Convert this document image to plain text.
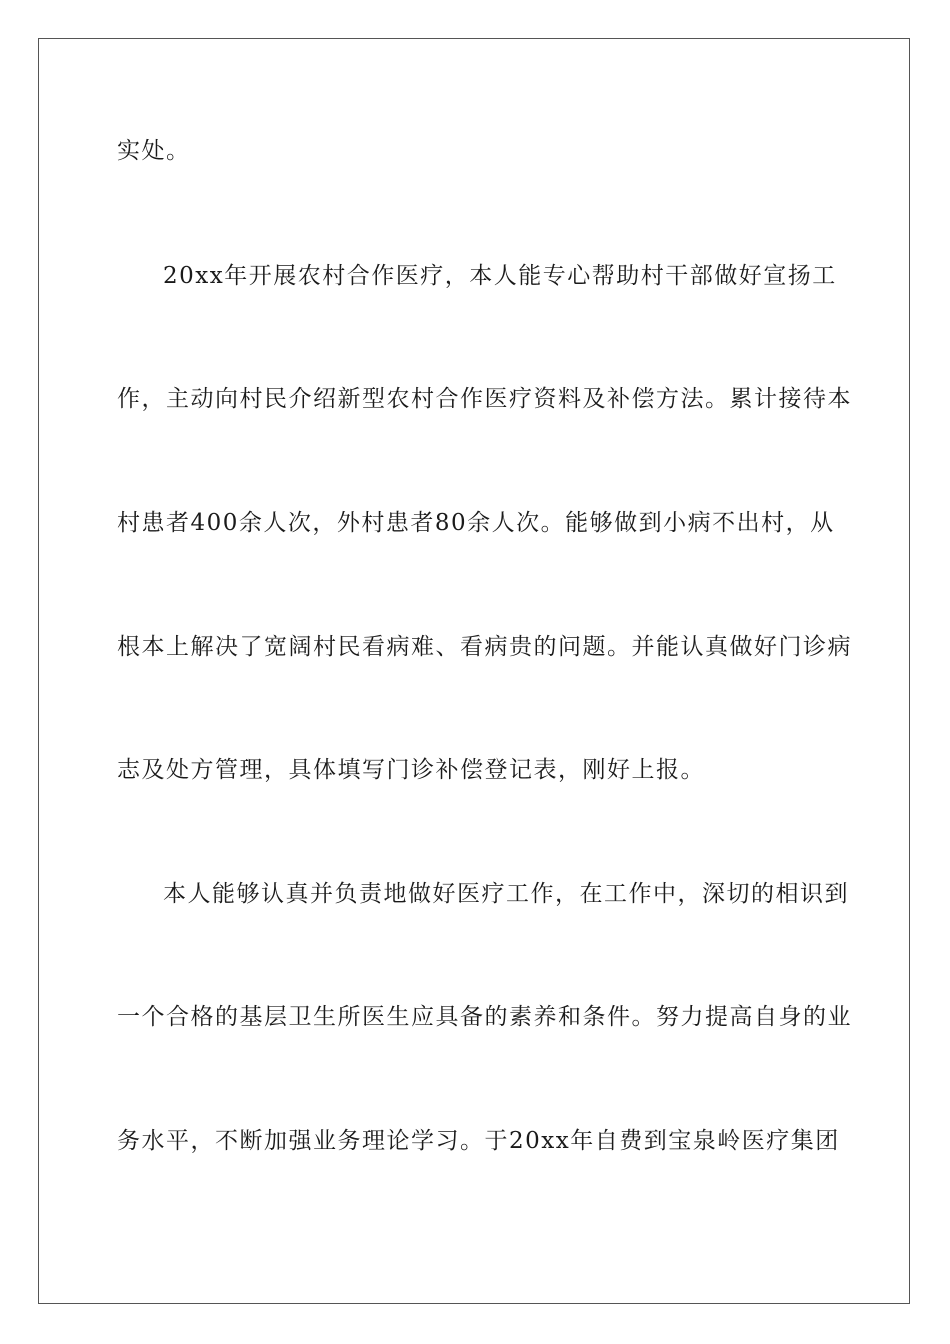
实处。
20xx年开展农村合作医疗，本人能专心帮助村干部做好宣扬工
作，主动向村民介绍新型农村合作医疗资料及补偿方法。累计接待本
村患者400余人次，外村患者80余人次。能够做到小病不出村，从
根本上解决了宽阔村民看病难、看病贵的问题。并能认真做好门诊病
志及处方管理，具体填写门诊补偿登记表，刚好上报。
本人能够认真并负责地做好医疗工作，在工作中，深切的相识到
一个合格的基层卫生所医生应具备的素养和条件。努力提高自身的业
务水平，不断加强业务理论学习。于20xx年自费到宝泉岭医疗集团
